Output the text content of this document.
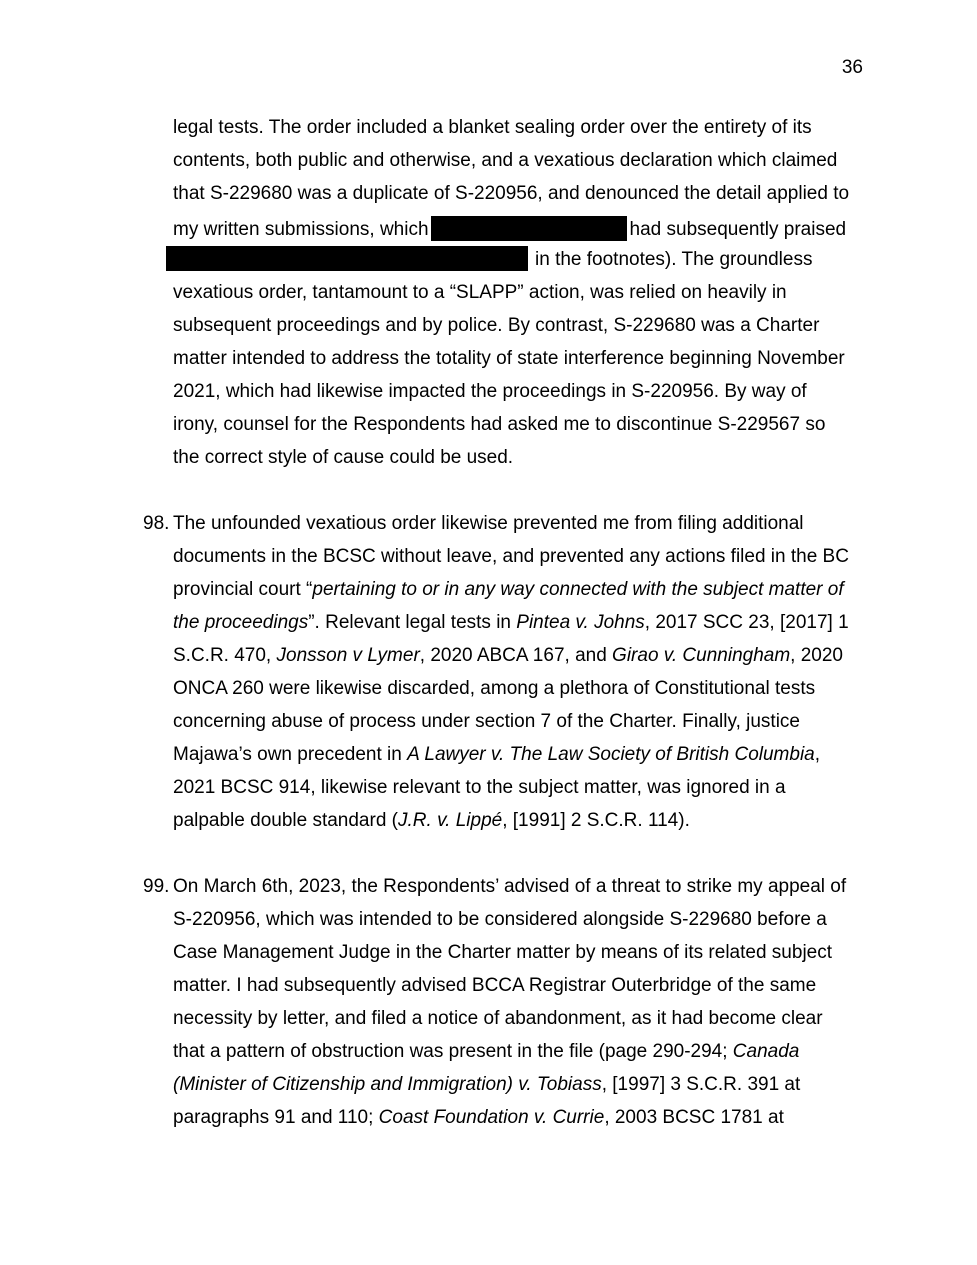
36
legal tests. The order included a blanket sealing order over the entirety of its
contents, both public and otherwise, and a vexatious declaration which claimed
that S-229680 was a duplicate of S-220956, and denounced the detail applied to
my written submissions, which	had subsequently praised
in the footnotes). The groundless
vexatious order, tantamount to a “SLAPP” action, was relied on heavily in
subsequent proceedings and by police. By contrast, S-229680 was a Charter
matter intended to address the totality of state interference beginning November
2021, which had likewise impacted the proceedings in S-220956. By way of
irony, counsel for the Respondents had asked me to discontinue S-229567 so
the correct style of cause could be used.
98. The unfounded vexatious order likewise prevented me from filing additional
documents in the BCSC without leave, and prevented any actions filed in the BC
provincial court “pertaining to or in any way connected with the subject matter of
the proceedings”. Relevant legal tests in Pintea v. Johns, 2017 SCC 23, [2017] 1
S.C.R. 470, Jonsson v Lymer, 2020 ABCA 167, and Girao v. Cunningham, 2020
ONCA 260 were likewise discarded, among a plethora of Constitutional tests
concerning abuse of process under section 7 of the Charter. Finally, justice
Majawa’s own precedent in A Lawyer v. The Law Society of British Columbia,
2021 BCSC 914, likewise relevant to the subject matter, was ignored in a
palpable double standard (J.R. v. Lippé, [1991] 2 S.C.R. 114).
99. On March 6th, 2023, the Respondents’ advised of a threat to strike my appeal of
S-220956, which was intended to be considered alongside S-229680 before a
Case Management Judge in the Charter matter by means of its related subject
matter. I had subsequently advised BCCA Registrar Outerbridge of the same
necessity by letter, and filed a notice of abandonment, as it had become clear
that a pattern of obstruction was present in the file (page 290-294; Canada
(Minister of Citizenship and Immigration) v. Tobiass, [1997] 3 S.C.R. 391 at
paragraphs 91 and 110; Coast Foundation v. Currie, 2003 BCSC 1781 at
